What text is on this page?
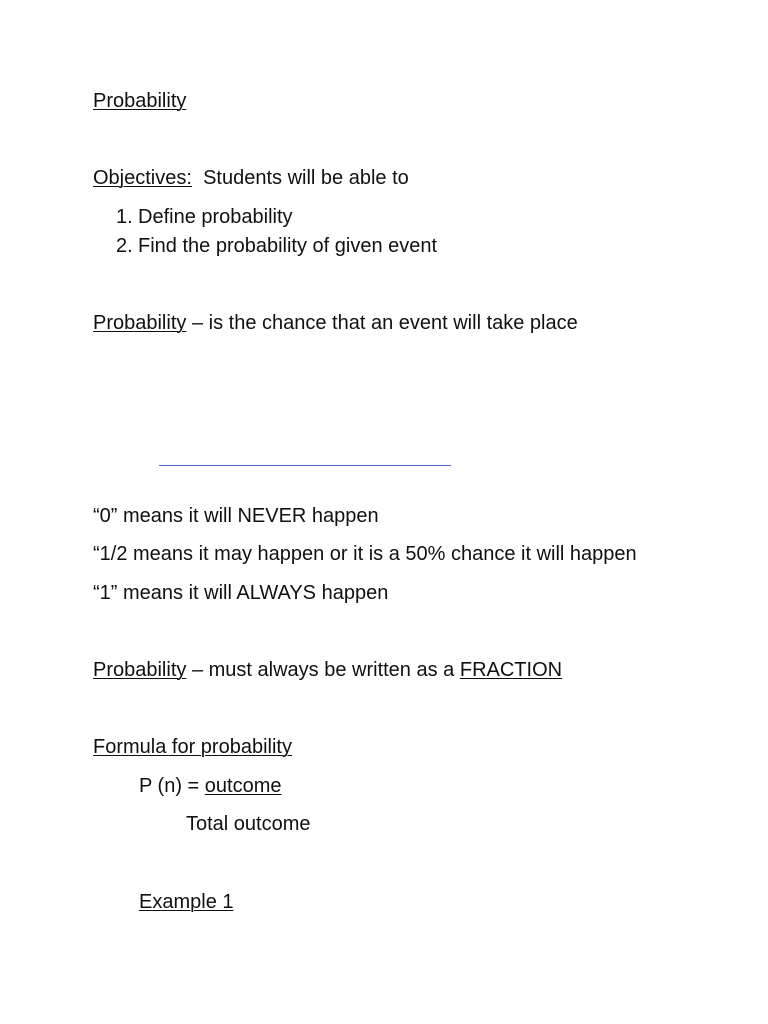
Probability
Objectives: Students will be able to
1. Define probability
2. Find the probability of given event
Probability – is the chance that an event will take place
“0” means it will NEVER happen
“1/2 means it may happen or it is a 50% chance it will happen
“1” means it will ALWAYS happen
Probability – must always be written as a FRACTION
Formula for probability
P (n) = outcome
Total outcome
Example 1
